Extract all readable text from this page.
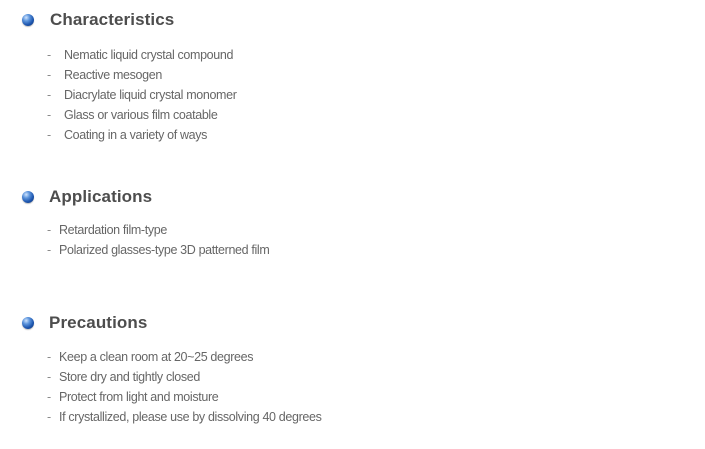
Characteristics
- Nematic liquid crystal compound
- Reactive mesogen
- Diacrylate liquid crystal monomer
- Glass or various film coatable
- Coating in a variety of ways
Applications
- Retardation film-type
- Polarized glasses-type 3D patterned film
Precautions
- Keep a clean room at 20~25 degrees
- Store dry and tightly closed
- Protect from light and moisture
- If crystallized, please use by dissolving 40 degrees
